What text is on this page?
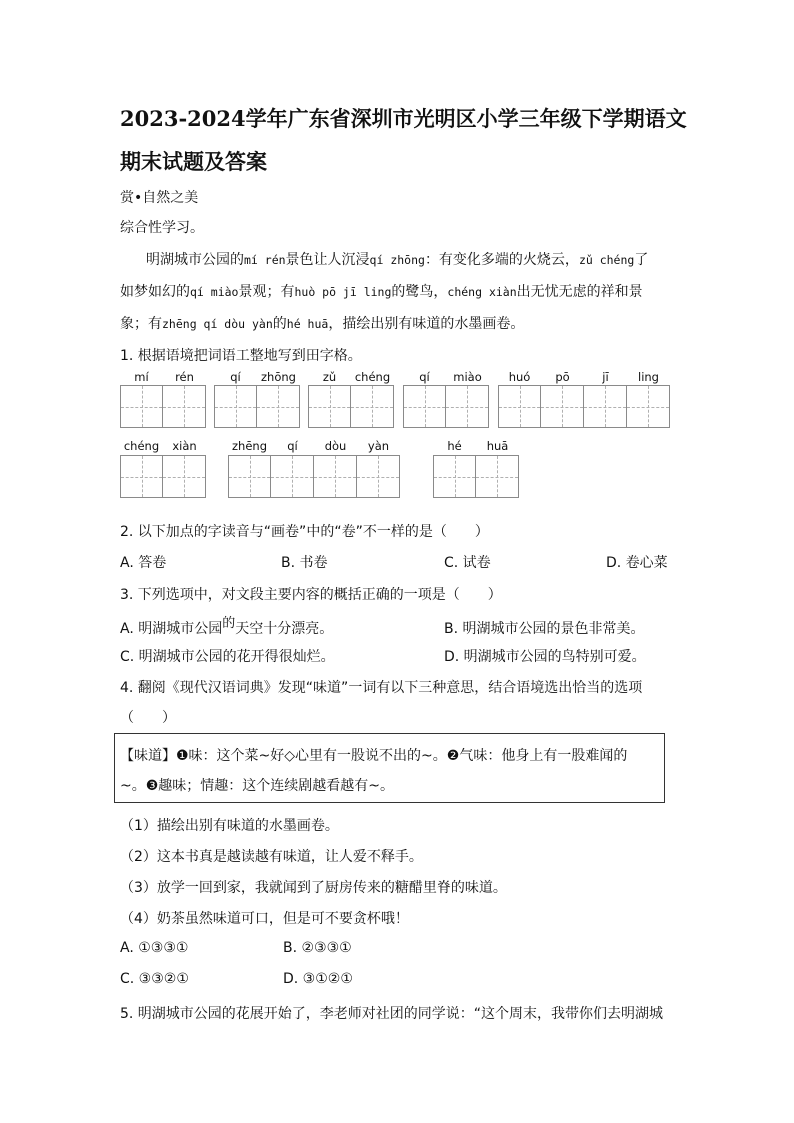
2023-2024学年广东省深圳市光明区小学三年级下学期语文
期末试题及答案
赏•自然之美
综合性学习。
明湖城市公园的mí rén景色让人沉浸qí zhōng：有变化多端的火烧云，zǔ chéng了
如梦如幻的qí miào景观；有huò pō jī ling的鹭鸟，chéng xiàn出无忧无虑的祥和景
象；有zhēng qí dòu yàn的hé huā，描绘出别有味道的水墨画卷。
1. 根据语境把词语工整地写到田字格。
mí	rén	qí	zhōng	zǔ	chéng	qí	miào	huó	pō	jī	ling
chéng	xiàn	zhēng	qí	dòu	yàn	hé	huā
2. 以下加点的字读音与“画卷”中的“卷”不一样的是（　　）
A. 答卷	B. 书卷	C. 试卷	D. 卷心菜
3. 下列选项中，对文段主要内容的概括正确的一项是（　　）
A. 明湖城市公园的天空十分漂亮。	B. 明湖城市公园的景色非常美。
C. 明湖城市公园的花开得很灿烂。	D. 明湖城市公园的鸟特别可爱。
4. 翻阅《现代汉语词典》发现“味道”一词有以下三种意思，结合语境选出恰当的选项
（　　）
【味道】❶味：这个菜~好◇心里有一股说不出的~。❷气味：他身上有一股难闻的
~。❸趣味；情趣：这个连续剧越看越有~。
（1）描绘出别有味道的水墨画卷。
（2）这本书真是越读越有味道，让人爱不释手。
（3）放学一回到家，我就闻到了厨房传来的糖醋里脊的味道。
（4）奶茶虽然味道可口，但是可不要贪杯哦！
A. ①③③①	B. ②③③①
C. ③③②①	D. ③①②①
5. 明湖城市公园的花展开始了，李老师对社团的同学说：“这个周末，我带你们去明湖城
